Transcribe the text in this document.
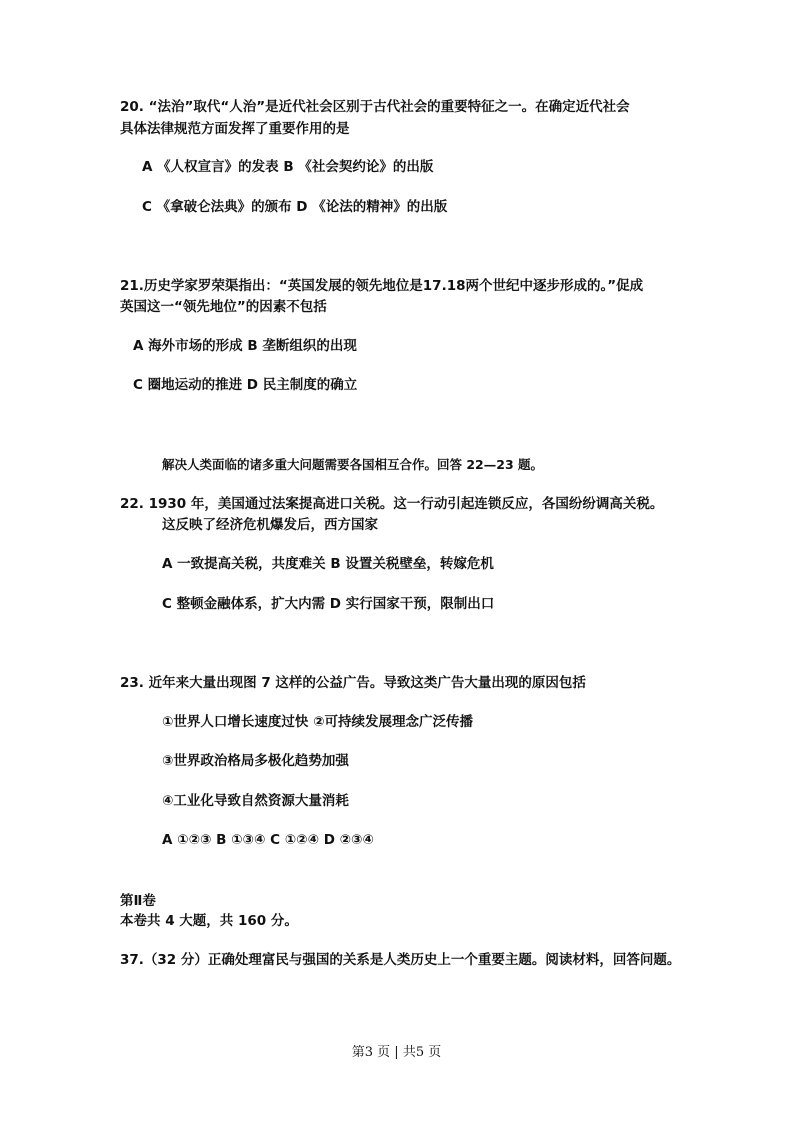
20. “法治”取代“人治”是近代社会区别于古代社会的重要特征之一。在确定近代社会
具体法律规范方面发挥了重要作用的是
A 《人权宣言》的发表 B 《社会契约论》的出版
C 《拿破仑法典》的颁布 D 《论法的精神》的出版
21.历史学家罗荣渠指出：“英国发展的领先地位是17.18两个世纪中逐步形成的。”促成
英国这一“领先地位”的因素不包括
A 海外市场的形成 B 垄断组织的出现
C 圈地运动的推进 D 民主制度的确立
解决人类面临的诸多重大问题需要各国相互合作。回答 22—23 题。
22. 1930 年，美国通过法案提高进口关税。这一行动引起连锁反应，各国纷纷调高关税。
这反映了经济危机爆发后，西方国家
A 一致提高关税，共度难关 B 设置关税壁垒，转嫁危机
C 整顿金融体系，扩大内需 D 实行国家干预，限制出口
23. 近年来大量出现图 7 这样的公益广告。导致这类广告大量出现的原因包括
①世界人口增长速度过快 ②可持续发展理念广泛传播
③世界政治格局多极化趋势加强
④工业化导致自然资源大量消耗
A ①②③ B ①③④ C ①②④ D ②③④
第Ⅱ卷
本卷共 4 大题，共 160 分。
37.（32 分）正确处理富民与强国的关系是人类历史上一个重要主题。阅读材料，回答问题。
第3 页 | 共5 页
